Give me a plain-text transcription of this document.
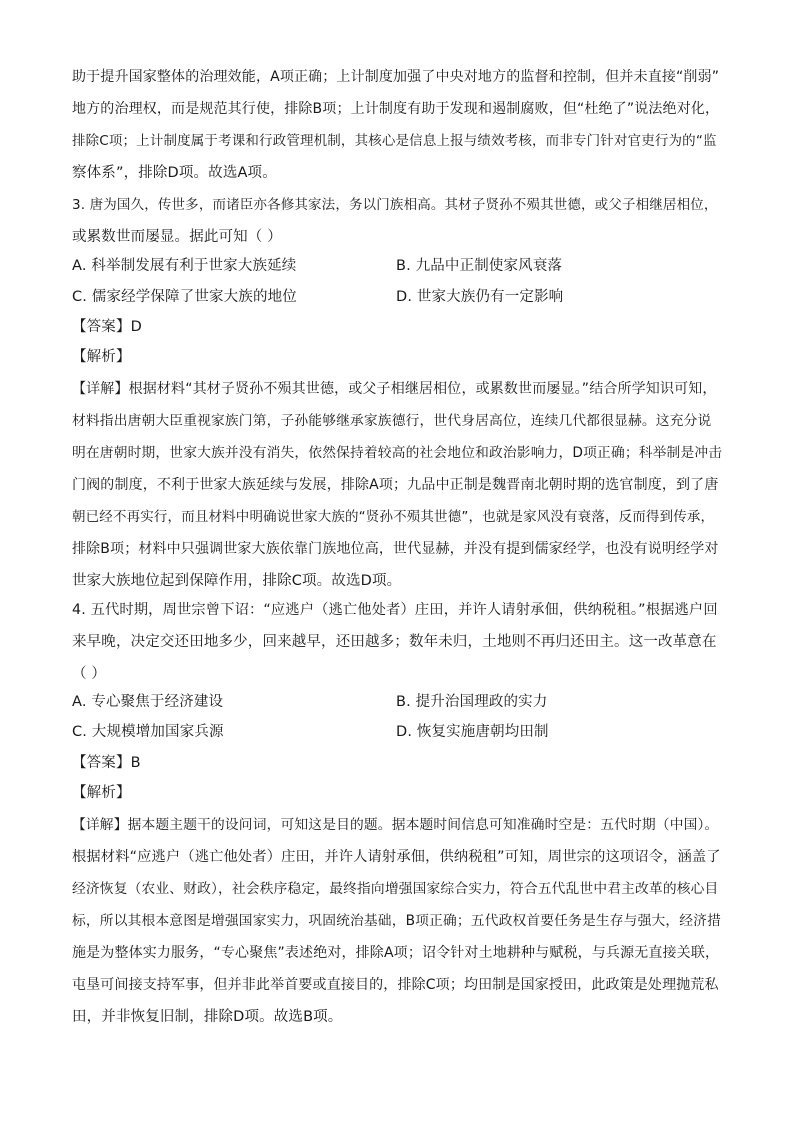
助于提升国家整体的治理效能，A项正确；上计制度加强了中央对地方的监督和控制，但并未直接“削弱”
地方的治理权，而是规范其行使，排除B项；上计制度有助于发现和遏制腐败，但“杜绝了”说法绝对化，
排除C项；上计制度属于考课和行政管理机制，其核心是信息上报与绩效考核，而非专门针对官吏行为的“监
察体系”，排除D项。故选A项。
3. 唐为国久，传世多，而诸臣亦各修其家法，务以门族相高。其材子贤孙不殒其世德，或父子相继居相位，
或累数世而屡显。据此可知（ ）
A. 科举制发展有利于世家大族延续	B. 九品中正制使家风衰落
C. 儒家经学保障了世家大族的地位	D. 世家大族仍有一定影响
【答案】D
【解析】
【详解】根据材料“其材子贤孙不殒其世德，或父子相继居相位，或累数世而屡显。”结合所学知识可知，
材料指出唐朝大臣重视家族门第，子孙能够继承家族德行，世代身居高位，连续几代都很显赫。这充分说
明在唐朝时期，世家大族并没有消失，依然保持着较高的社会地位和政治影响力，D项正确；科举制是冲击
门阀的制度，不利于世家大族延续与发展，排除A项；九品中正制是魏晋南北朝时期的选官制度，到了唐
朝已经不再实行，而且材料中明确说世家大族的“贤孙不殒其世德”，也就是家风没有衰落，反而得到传承，
排除B项；材料中只强调世家大族依靠门族地位高，世代显赫，并没有提到儒家经学，也没有说明经学对
世家大族地位起到保障作用，排除C项。故选D项。
4. 五代时期，周世宗曾下诏：“应逃户（逃亡他处者）庄田，并许人请射承佃，供纳税租。”根据逃户回
来早晚，决定交还田地多少，回来越早，还田越多；数年未归，土地则不再归还田主。这一改革意在
（ ）
A. 专心聚焦于经济建设	B. 提升治国理政的实力
C. 大规模增加国家兵源	D. 恢复实施唐朝均田制
【答案】B
【解析】
【详解】据本题主题干的设问词，可知这是目的题。据本题时间信息可知准确时空是：五代时期（中国）。
根据材料“应逃户（逃亡他处者）庄田，并许人请射承佃，供纳税租”可知，周世宗的这项诏令，涵盖了
经济恢复（农业、财政），社会秩序稳定，最终指向增强国家综合实力，符合五代乱世中君主改革的核心目
标，所以其根本意图是增强国家实力，巩固统治基础，B项正确；五代政权首要任务是生存与强大，经济措
施是为整体实力服务，“专心聚焦”表述绝对，排除A项；诏令针对土地耕种与赋税，与兵源无直接关联，
屯垦可间接支持军事，但并非此举首要或直接目的，排除C项；均田制是国家授田，此政策是处理抛荒私
田，并非恢复旧制，排除D项。故选B项。
